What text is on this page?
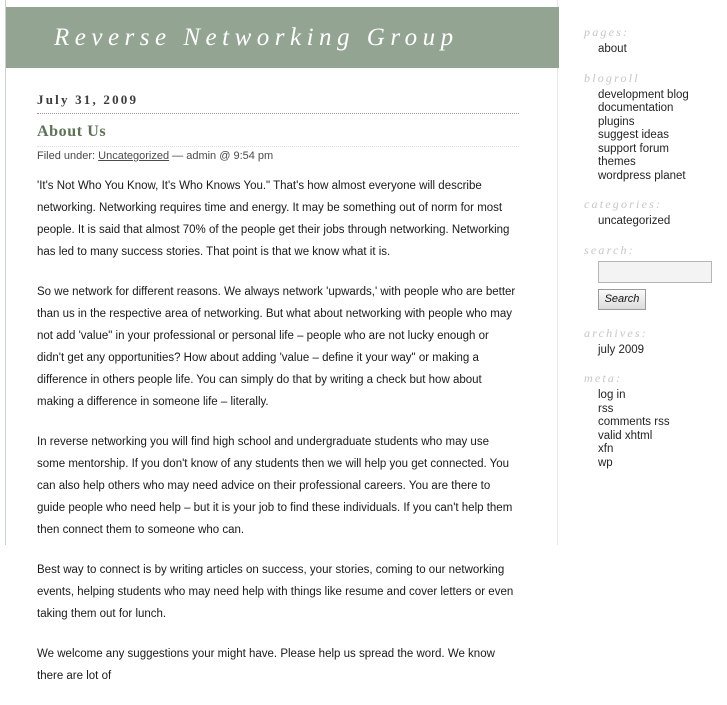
Reverse Networking Group
July 31, 2009
About Us
Filed under: Uncategorized — admin @ 9:54 pm

'It's Not Who You Know, It's Who Knows You." That's how almost everyone will describe networking. Networking requires time and energy. It may be something out of norm for most people. It is said that almost 70% of the people get their jobs through networking. Networking has led to many success stories. That point is that we know what it is.

So we network for different reasons. We always network 'upwards,' with people who are better than us in the respective area of networking. But what about networking with people who may not add 'value" in your professional or personal life – people who are not lucky enough or didn't get any opportunities? How about adding 'value – define it your way" or making a difference in others people life. You can simply do that by writing a check but how about making a difference in someone life – literally.

In reverse networking you will find high school and undergraduate students who may use some mentorship. If you don't know of any students then we will help you get connected. You can also help others who may need advice on their professional careers. You are there to guide people who need help – but it is your job to find these individuals. If you can't help them then connect them to someone who can.

Best way to connect is by writing articles on success, your stories, coming to our networking events, helping students who may need help with things like resume and cover letters or even taking them out for lunch.

We welcome any suggestions your might have. Please help us spread the word. We know there are lot of

pages:
about
blogroll
development blog
documentation
plugins
suggest ideas
support forum
themes
wordpress planet
categories:
uncategorized
search:
Search
archives:
july 2009
meta:
log in
rss
comments rss
valid xhtml
xfn
wp
